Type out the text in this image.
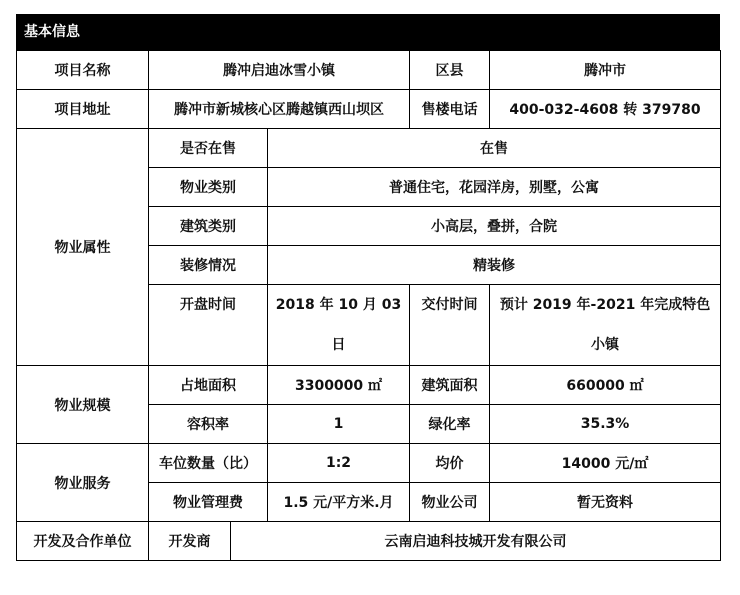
基本信息
项目名称	腾冲启迪冰雪小镇			区县	腾冲市
项目地址	腾冲市新城核心区腾越镇西山坝区			售楼电话	400-032-4608 转 379780
物业属性	是否在售		在售		
	物业类别		普通住宅，花园洋房，别墅，公寓		
	建筑类别		小高层，叠拼，合院		
	装修情况		精装修		
	开盘时间		2018 年 10 月 03 日	交付时间	预计 2019 年-2021 年完成特色小镇
物业规模	占地面积		3300000 ㎡	建筑面积	660000 ㎡
	容积率		1	绿化率	35.3%
物业服务	车位数量（比）		1:2	均价	14000 元/㎡
	物业管理费		1.5 元/平方米.月	物业公司	暂无资料
开发及合作单位	开发商	云南启迪科技城开发有限公司			
